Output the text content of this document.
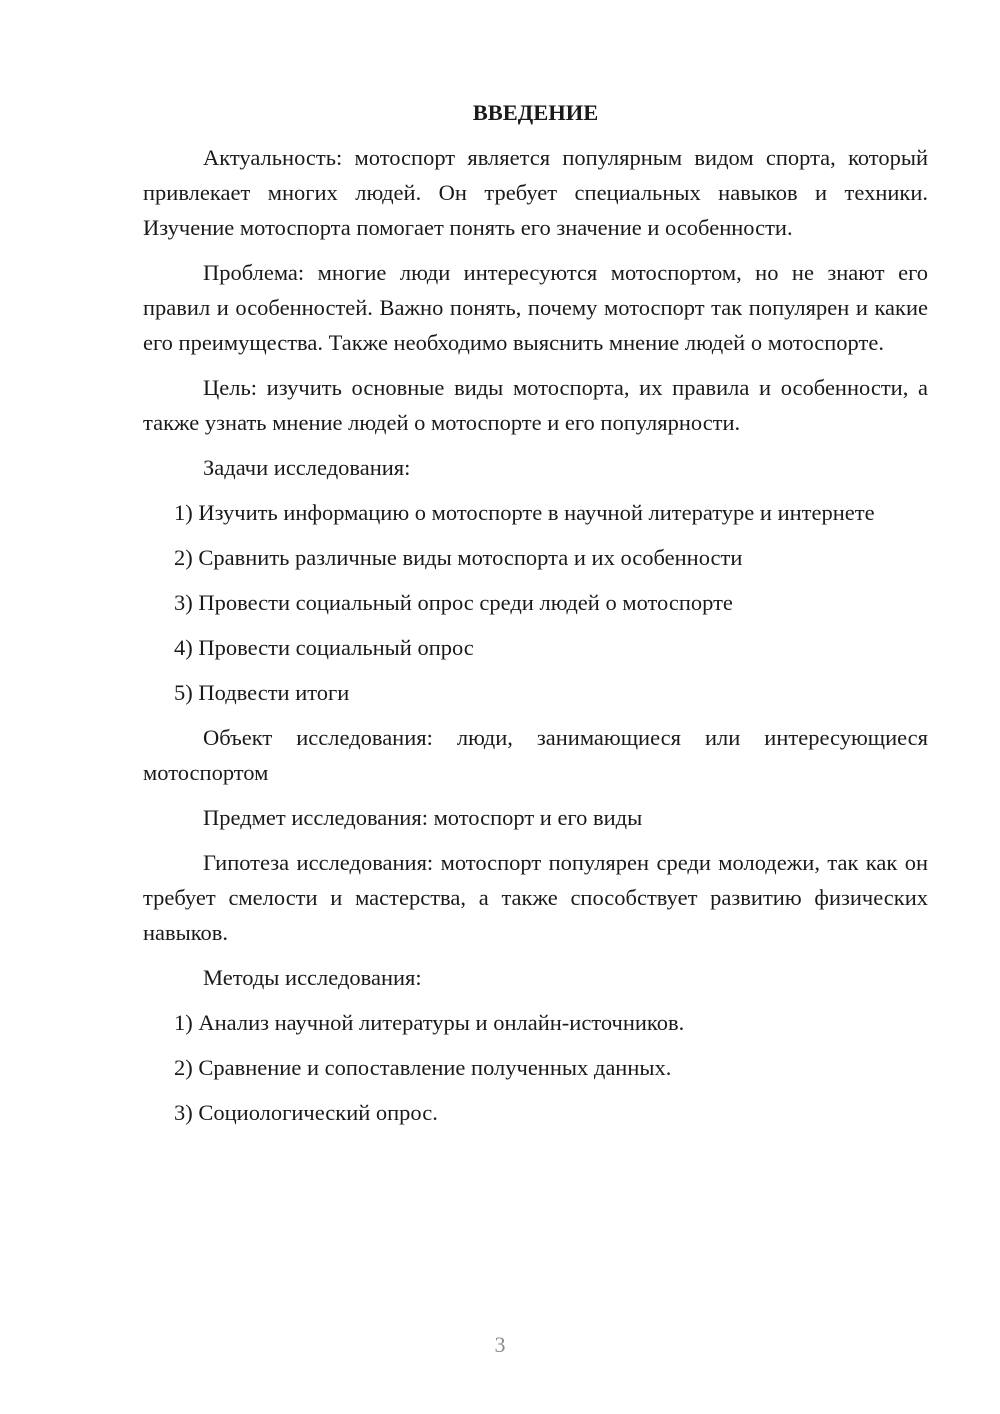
ВВЕДЕНИЕ

Актуальность: мотоспорт является популярным видом спорта, который привлекает многих людей. Он требует специальных навыков и техники. Изучение мотоспорта помогает понять его значение и особенности.

Проблема: многие люди интересуются мотоспортом, но не знают его правил и особенностей. Важно понять, почему мотоспорт так популярен и какие его преимущества. Также необходимо выяснить мнение людей о мотоспорте.

Цель: изучить основные виды мотоспорта, их правила и особенности, а также узнать мнение людей о мотоспорте и его популярности.

Задачи исследования:

1) Изучить информацию о мотоспорте в научной литературе и интернете

2) Сравнить различные виды мотоспорта и их особенности

3) Провести социальный опрос среди людей о мотоспорте

4) Провести социальный опрос

5) Подвести итоги

Объект исследования: люди, занимающиеся или интересующиеся мотоспортом

Предмет исследования: мотоспорт и его виды

Гипотеза исследования: мотоспорт популярен среди молодежи, так как он требует смелости и мастерства, а также способствует развитию физических навыков.

Методы исследования:

1) Анализ научной литературы и онлайн-источников.

2) Сравнение и сопоставление полученных данных.

3) Социологический опрос.

3
